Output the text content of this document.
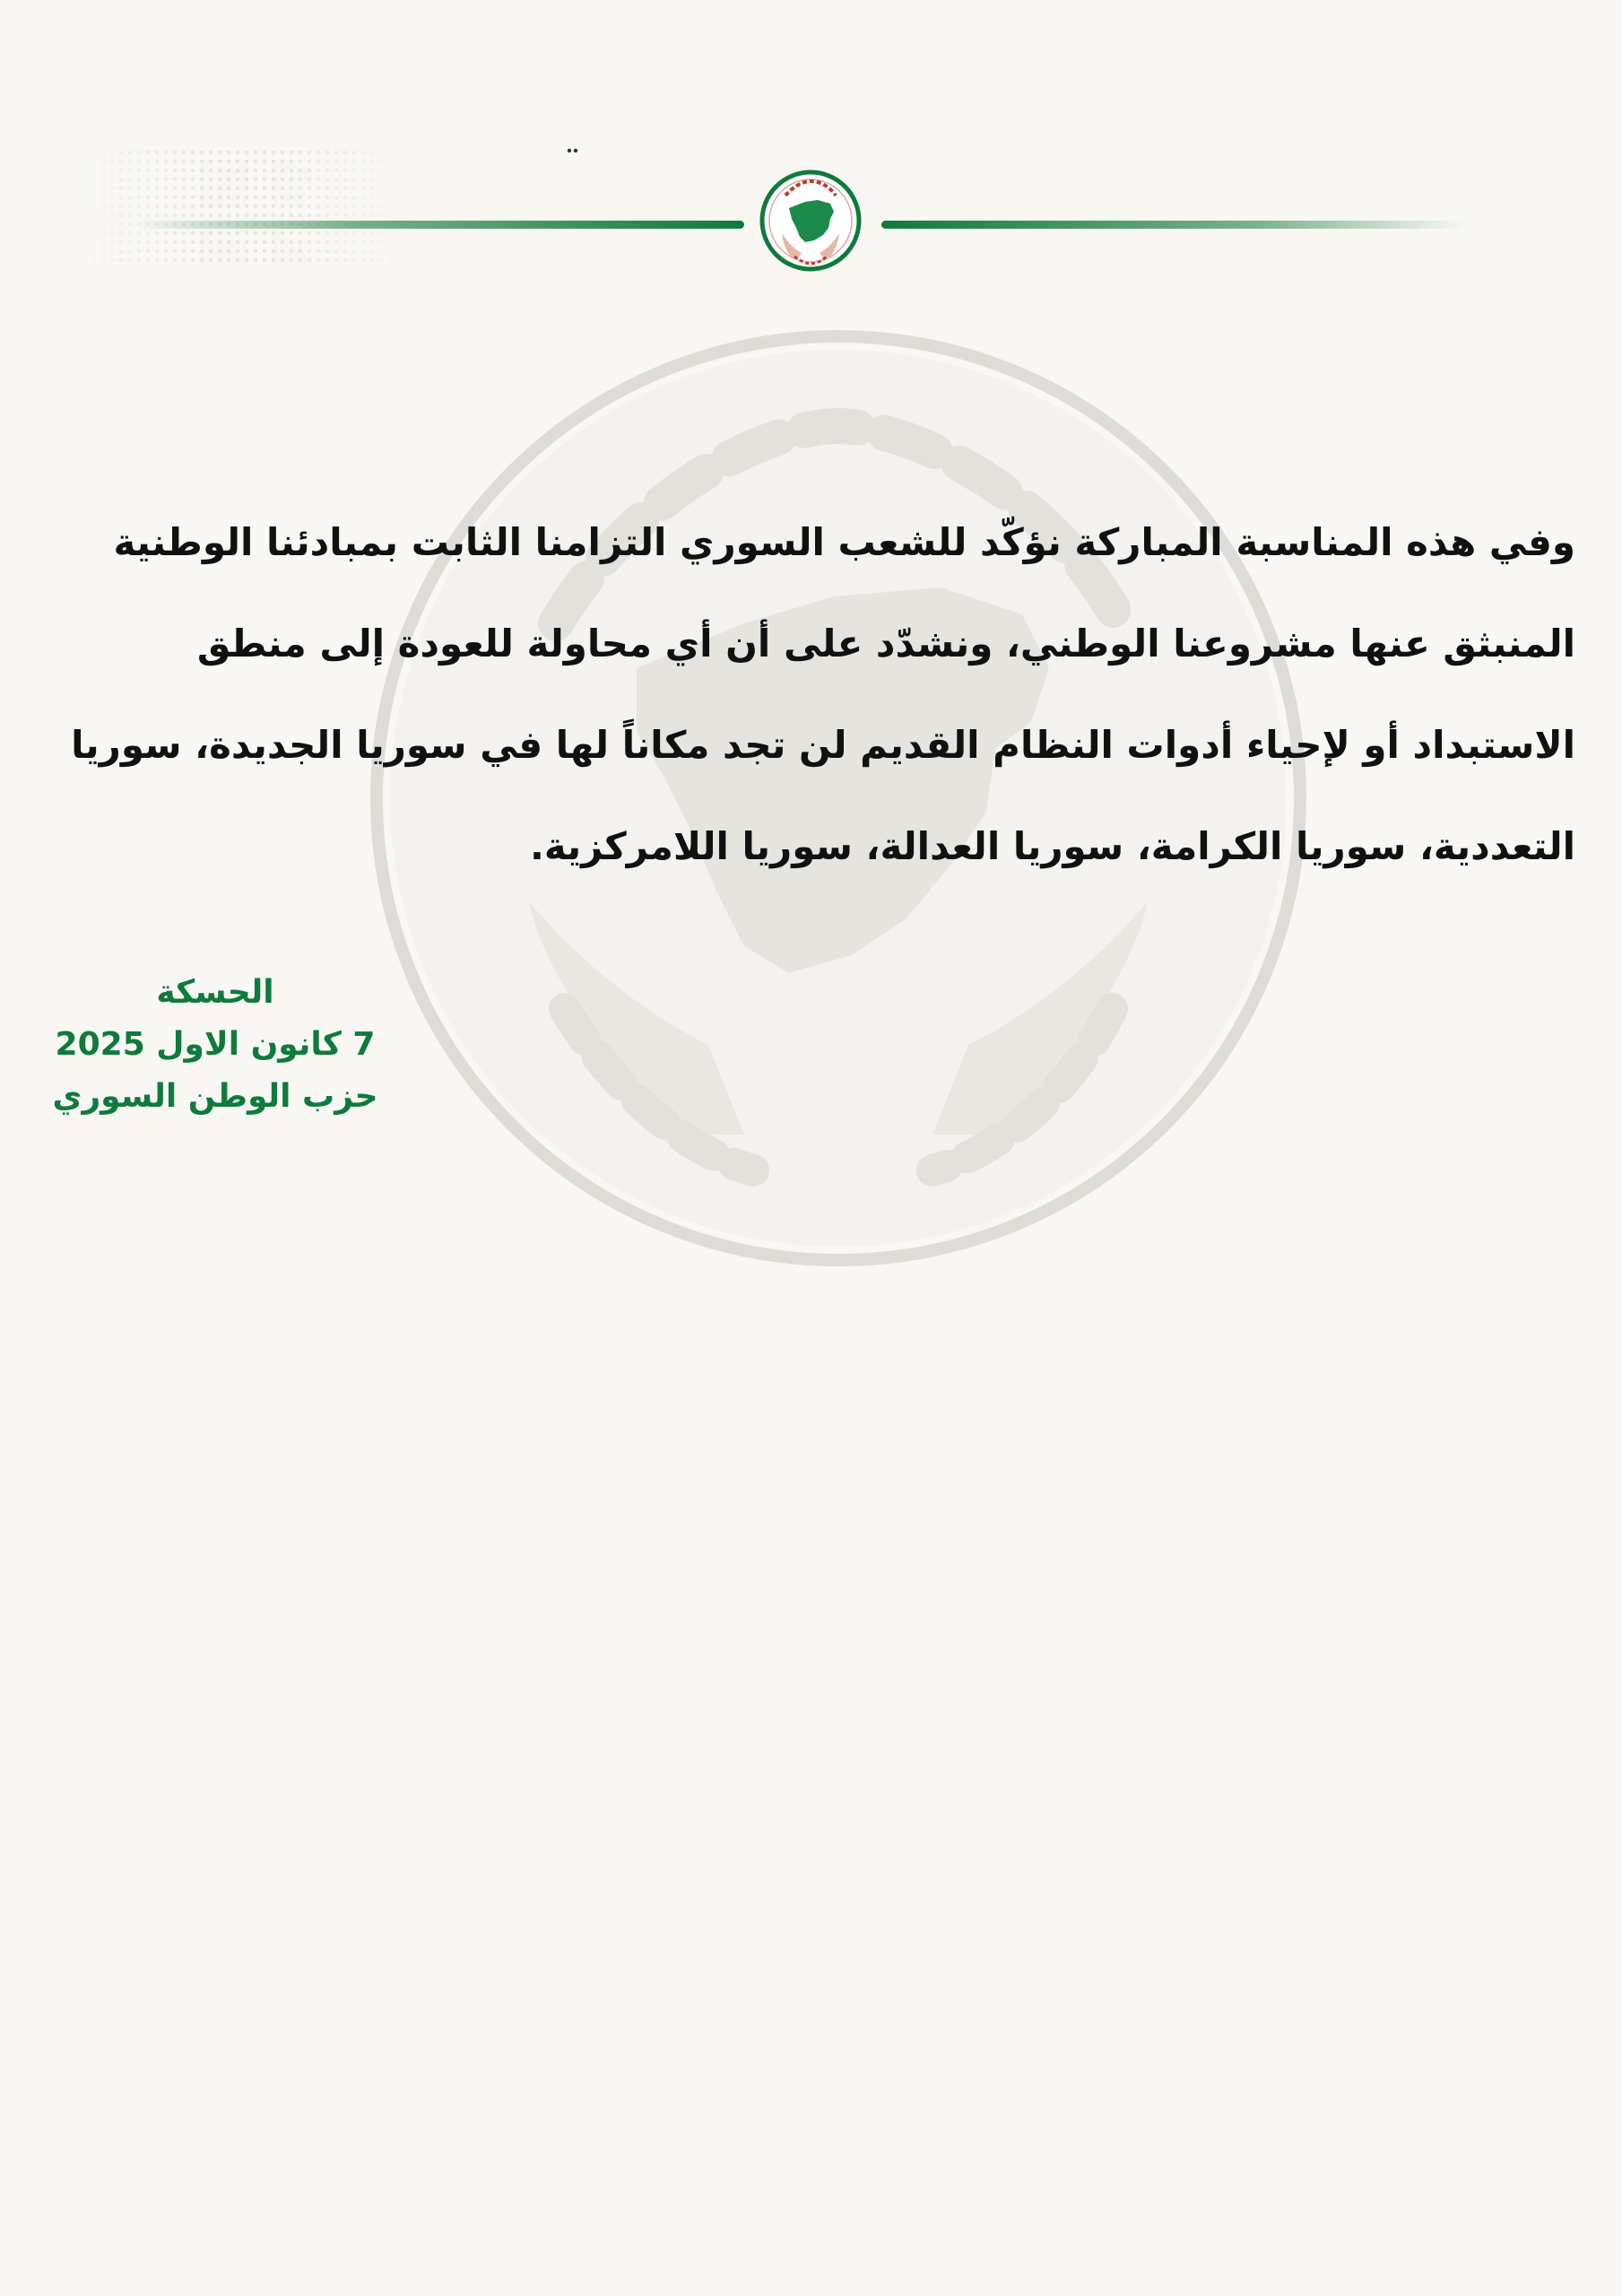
وفي هذه المناسبة المباركة نؤكّد للشعب السوري التزامنا الثابت بمبادئنا الوطنية
المنبثق عنها مشروعنا الوطني، ونشدّد على أن أي محاولة للعودة إلى منطق
الاستبداد أو لإحياء أدوات النظام القديم لن تجد مكاناً لها في سوريا الجديدة، سوريا
التعددية، سوريا الكرامة، سوريا العدالة، سوريا اللامركزية.
الحسكة
7 كانون الاول 2025
حزب الوطن السوري
